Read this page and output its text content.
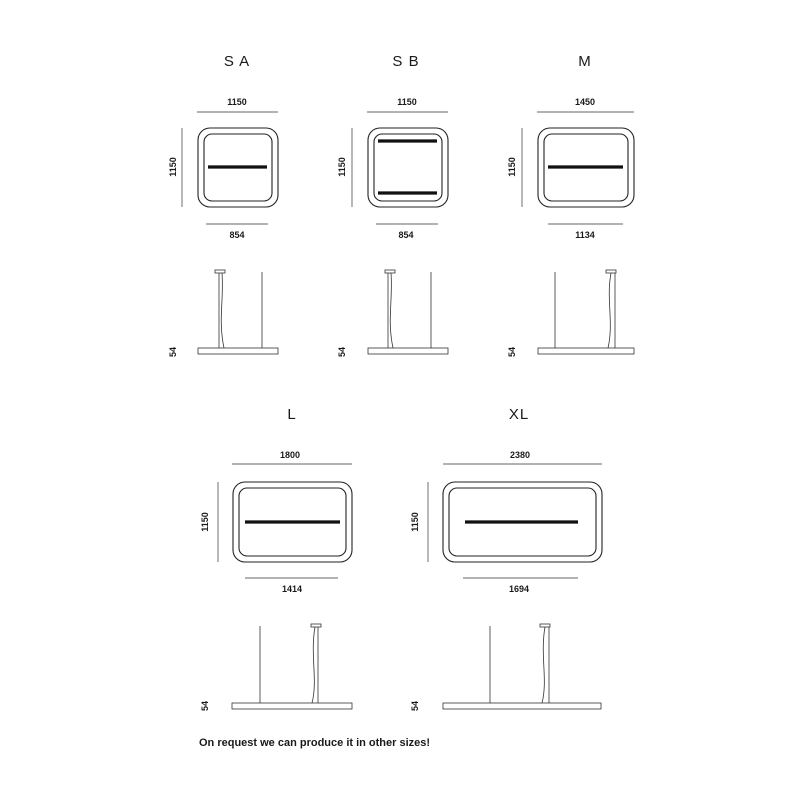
S A
1150
1150
854
54
S B
1150
1150
854
54
M
1450
1150
1134
54
L
1800
1150
1414
54
XL
2380
1150
1694
54
On request we can produce it in other sizes!
